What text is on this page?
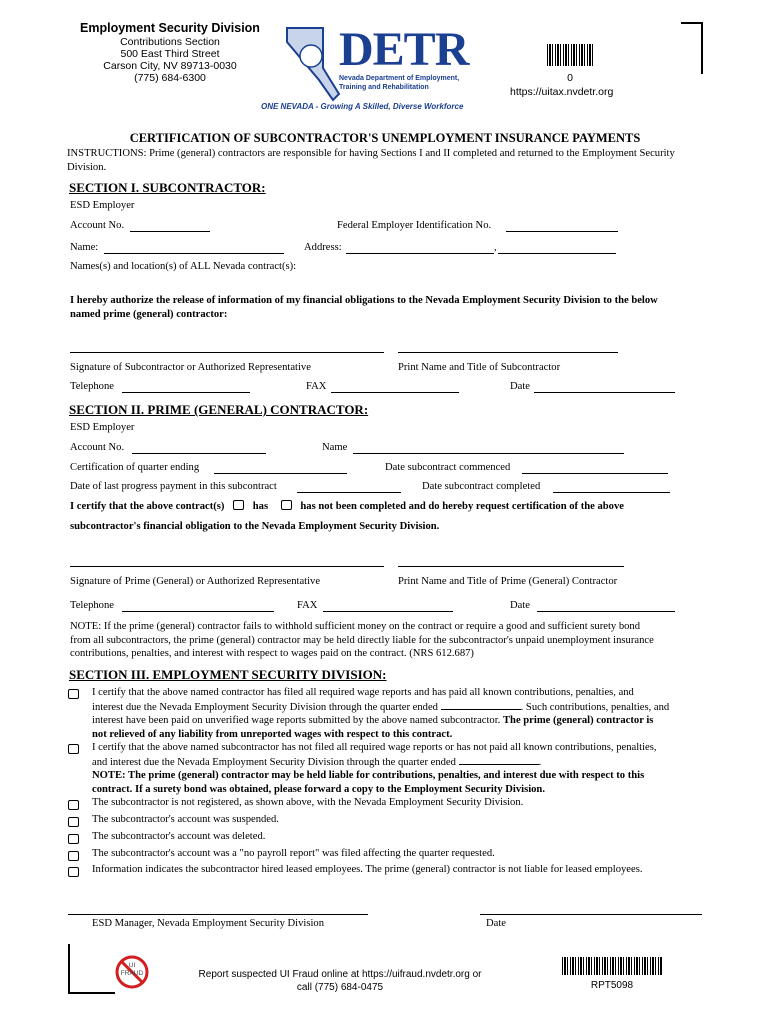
Employment Security Division
Contributions Section
500 East Third Street
Carson City, NV 89713-0030
(775) 684-6300
DETR
Nevada Department of Employment,
Training and Rehabilitation
ONE NEVADA - Growing A Skilled, Diverse Workforce
0
https://uitax.nvdetr.org
CERTIFICATION OF SUBCONTRACTOR'S UNEMPLOYMENT INSURANCE PAYMENTS
INSTRUCTIONS: Prime (general) contractors are responsible for having Sections I and II completed and returned to the Employment Security
Division.
SECTION I. SUBCONTRACTOR:
ESD Employer
Account No.	Federal Employer Identification No.
Name:	Address:	,
Names(s) and location(s) of ALL Nevada contract(s):
I hereby authorize the release of information of my financial obligations to the Nevada Employment Security Division to the below
named prime (general) contractor:
Signature of Subcontractor or Authorized Representative	Print Name and Title of Subcontractor
Telephone	FAX	Date
SECTION II. PRIME (GENERAL) CONTRACTOR:
ESD Employer
Account No.	Name
Certification of quarter ending	Date subcontract commenced
Date of last progress payment in this subcontract	Date subcontract completed
I certify that the above contract(s)	has	has not been completed and do hereby request certification of the above
subcontractor's financial obligation to the Nevada Employment Security Division.
Signature of Prime (General) or Authorized Representative	Print Name and Title of Prime (General) Contractor
Telephone	FAX	Date
NOTE: If the prime (general) contractor fails to withhold sufficient money on the contract or require a good and sufficient surety bond
from all subcontractors, the prime (general) contractor may be held directly liable for the subcontractor's unpaid unemployment insurance
contributions, penalties, and interest with respect to wages paid on the contract. (NRS 612.687)
SECTION III. EMPLOYMENT SECURITY DIVISION:
I certify that the above named contractor has filed all required wage reports and has paid all known contributions, penalties, and
interest due the Nevada Employment Security Division through the quarter ended	. Such contributions, penalties, and
interest have been paid on unverified wage reports submitted by the above named subcontractor. The prime (general) contractor is
not relieved of any liability from unreported wages with respect to this contract.
I certify that the above named subcontractor has not filed all required wage reports or has not paid all known contributions, penalties,
and interest due the Nevada Employment Security Division through the quarter ended	.
NOTE: The prime (general) contractor may be held liable for contributions, penalties, and interest due with respect to this
contract. If a surety bond was obtained, please forward a copy to the Employment Security Division.
The subcontractor is not registered, as shown above, with the Nevada Employment Security Division.
The subcontractor's account was suspended.
The subcontractor's account was deleted.
The subcontractor's account was a "no payroll report" was filed affecting the quarter requested.
Information indicates the subcontractor hired leased employees. The prime (general) contractor is not liable for leased employees.
ESD Manager, Nevada Employment Security Division	Date
UI
FRAUD	Report suspected UI Fraud online at https://uifraud.nvdetr.org or
call (775) 684-0475	RPT5098
